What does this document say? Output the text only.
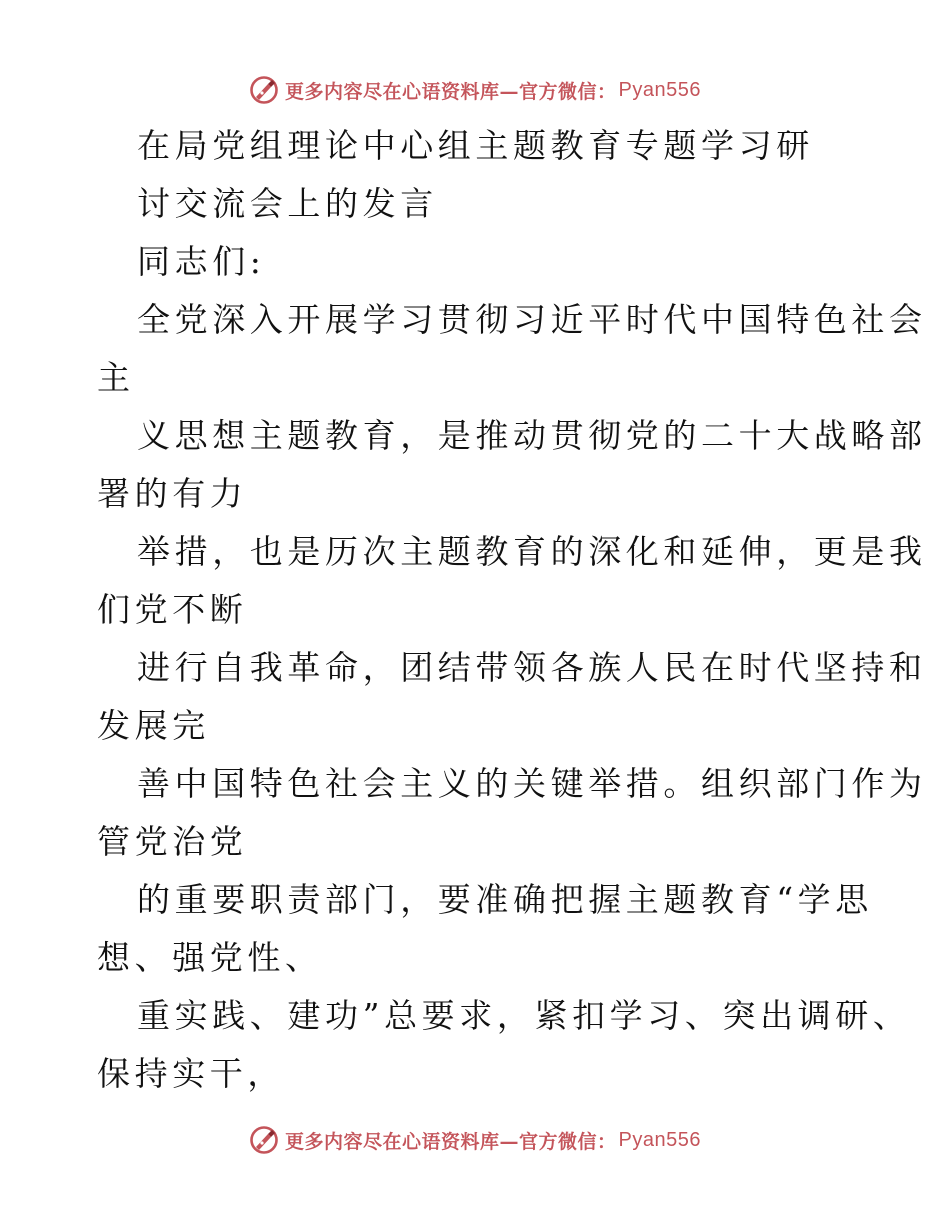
更多内容尽在心语资料库—官方微信： Pyan556
在局党组理论中心组主题教育专题学习研
讨交流会上的发言
同志们:
全党深入开展学习贯彻习近平时代中国特色社会
主
义思想主题教育，是推动贯彻党的二十大战略部
署的有力
举措，也是历次主题教育的深化和延伸，更是我
们党不断
进行自我革命，团结带领各族人民在时代坚持和
发展完
善中国特色社会主义的关键举措。组织部门作为
管党治党
的重要职责部门，要准确把握主题教育“学思
想、强党性、
重实践、建功”总要求，紧扣学习、突出调研、
保持实干，
更多内容尽在心语资料库—官方微信： Pyan556
